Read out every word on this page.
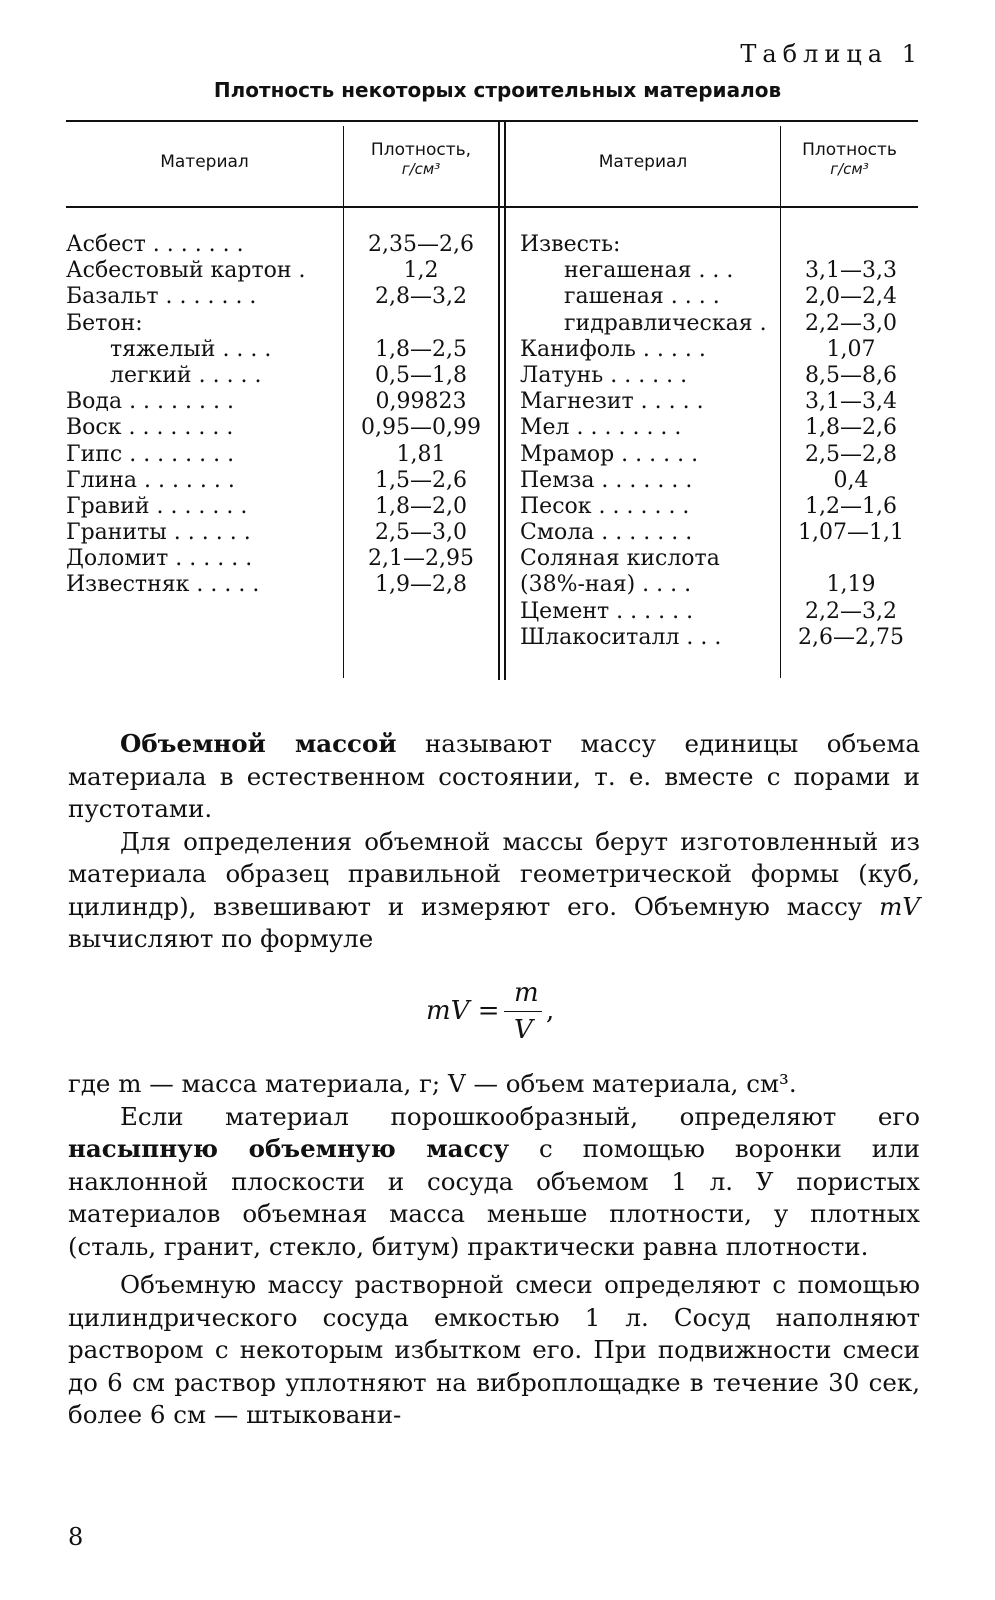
Таблица 1
Плотность некоторых строительных материалов
Материал
Плотность,
г/см³	Материал
Плотность
г/см³
Асбест . . . . . . .
Асбестовый картон .
Базальт . . . . . . .
Бетон:
тяжелый . . . .
легкий . . . . .
Вода . . . . . . . .
Воск . . . . . . . .
Гипс . . . . . . . .
Глина . . . . . . .
Гравий . . . . . . .
Граниты . . . . . .
Доломит . . . . . .
Известняк . . . . .
2,35—2,6
1,2
2,8—3,2
1,8—2,5
0,5—1,8
0,99823
0,95—0,99
1,81
1,5—2,6
1,8—2,0
2,5—3,0
2,1—2,95
1,9—2,8
Известь:
негашеная . . .
гашеная . . . .
гидравлическая .
Канифоль . . . . .
Латунь . . . . . .
Магнезит . . . . .
Мел . . . . . . . .
Мрамор . . . . . .
Пемза . . . . . . .
Песок . . . . . . .
Смола . . . . . . .
Соляная кислота
(38%-ная) . . . .
Цемент . . . . . .
Шлакоситалл . . .
3,1—3,3
2,0—2,4
2,2—3,0
1,07
8,5—8,6
3,1—3,4
1,8—2,6
2,5—2,8
0,4
1,2—1,6
1,07—1,1
1,19
2,2—3,2
2,6—2,75

Объемной массой называют массу единицы объема материала в естественном состоянии, т. е. вместе с порами и пустотами.

Для определения объемной массы берут изготовленный из материала образец правильной геометрической формы (куб, цилиндр), взвешивают и измеряют его. Объемную массу mV вычисляют по формуле

mV =
m
V
,

где m — масса материала, г; V — объем материала, см³.

Если материал порошкообразный, определяют его насыпную объемную массу с помощью воронки или наклонной плоскости и сосуда объемом 1 л. У пористых материалов объемная масса меньше плотности, у плотных (сталь, гранит, стекло, битум) практически равна плотности.

Объемную массу растворной смеси определяют с помощью цилиндрического сосуда емкостью 1 л. Сосуд наполняют раствором с некоторым избытком его. При подвижности смеси до 6 см раствор уплотняют на виброплощадке в течение 30 сек, более 6 см — штыковани-

8
